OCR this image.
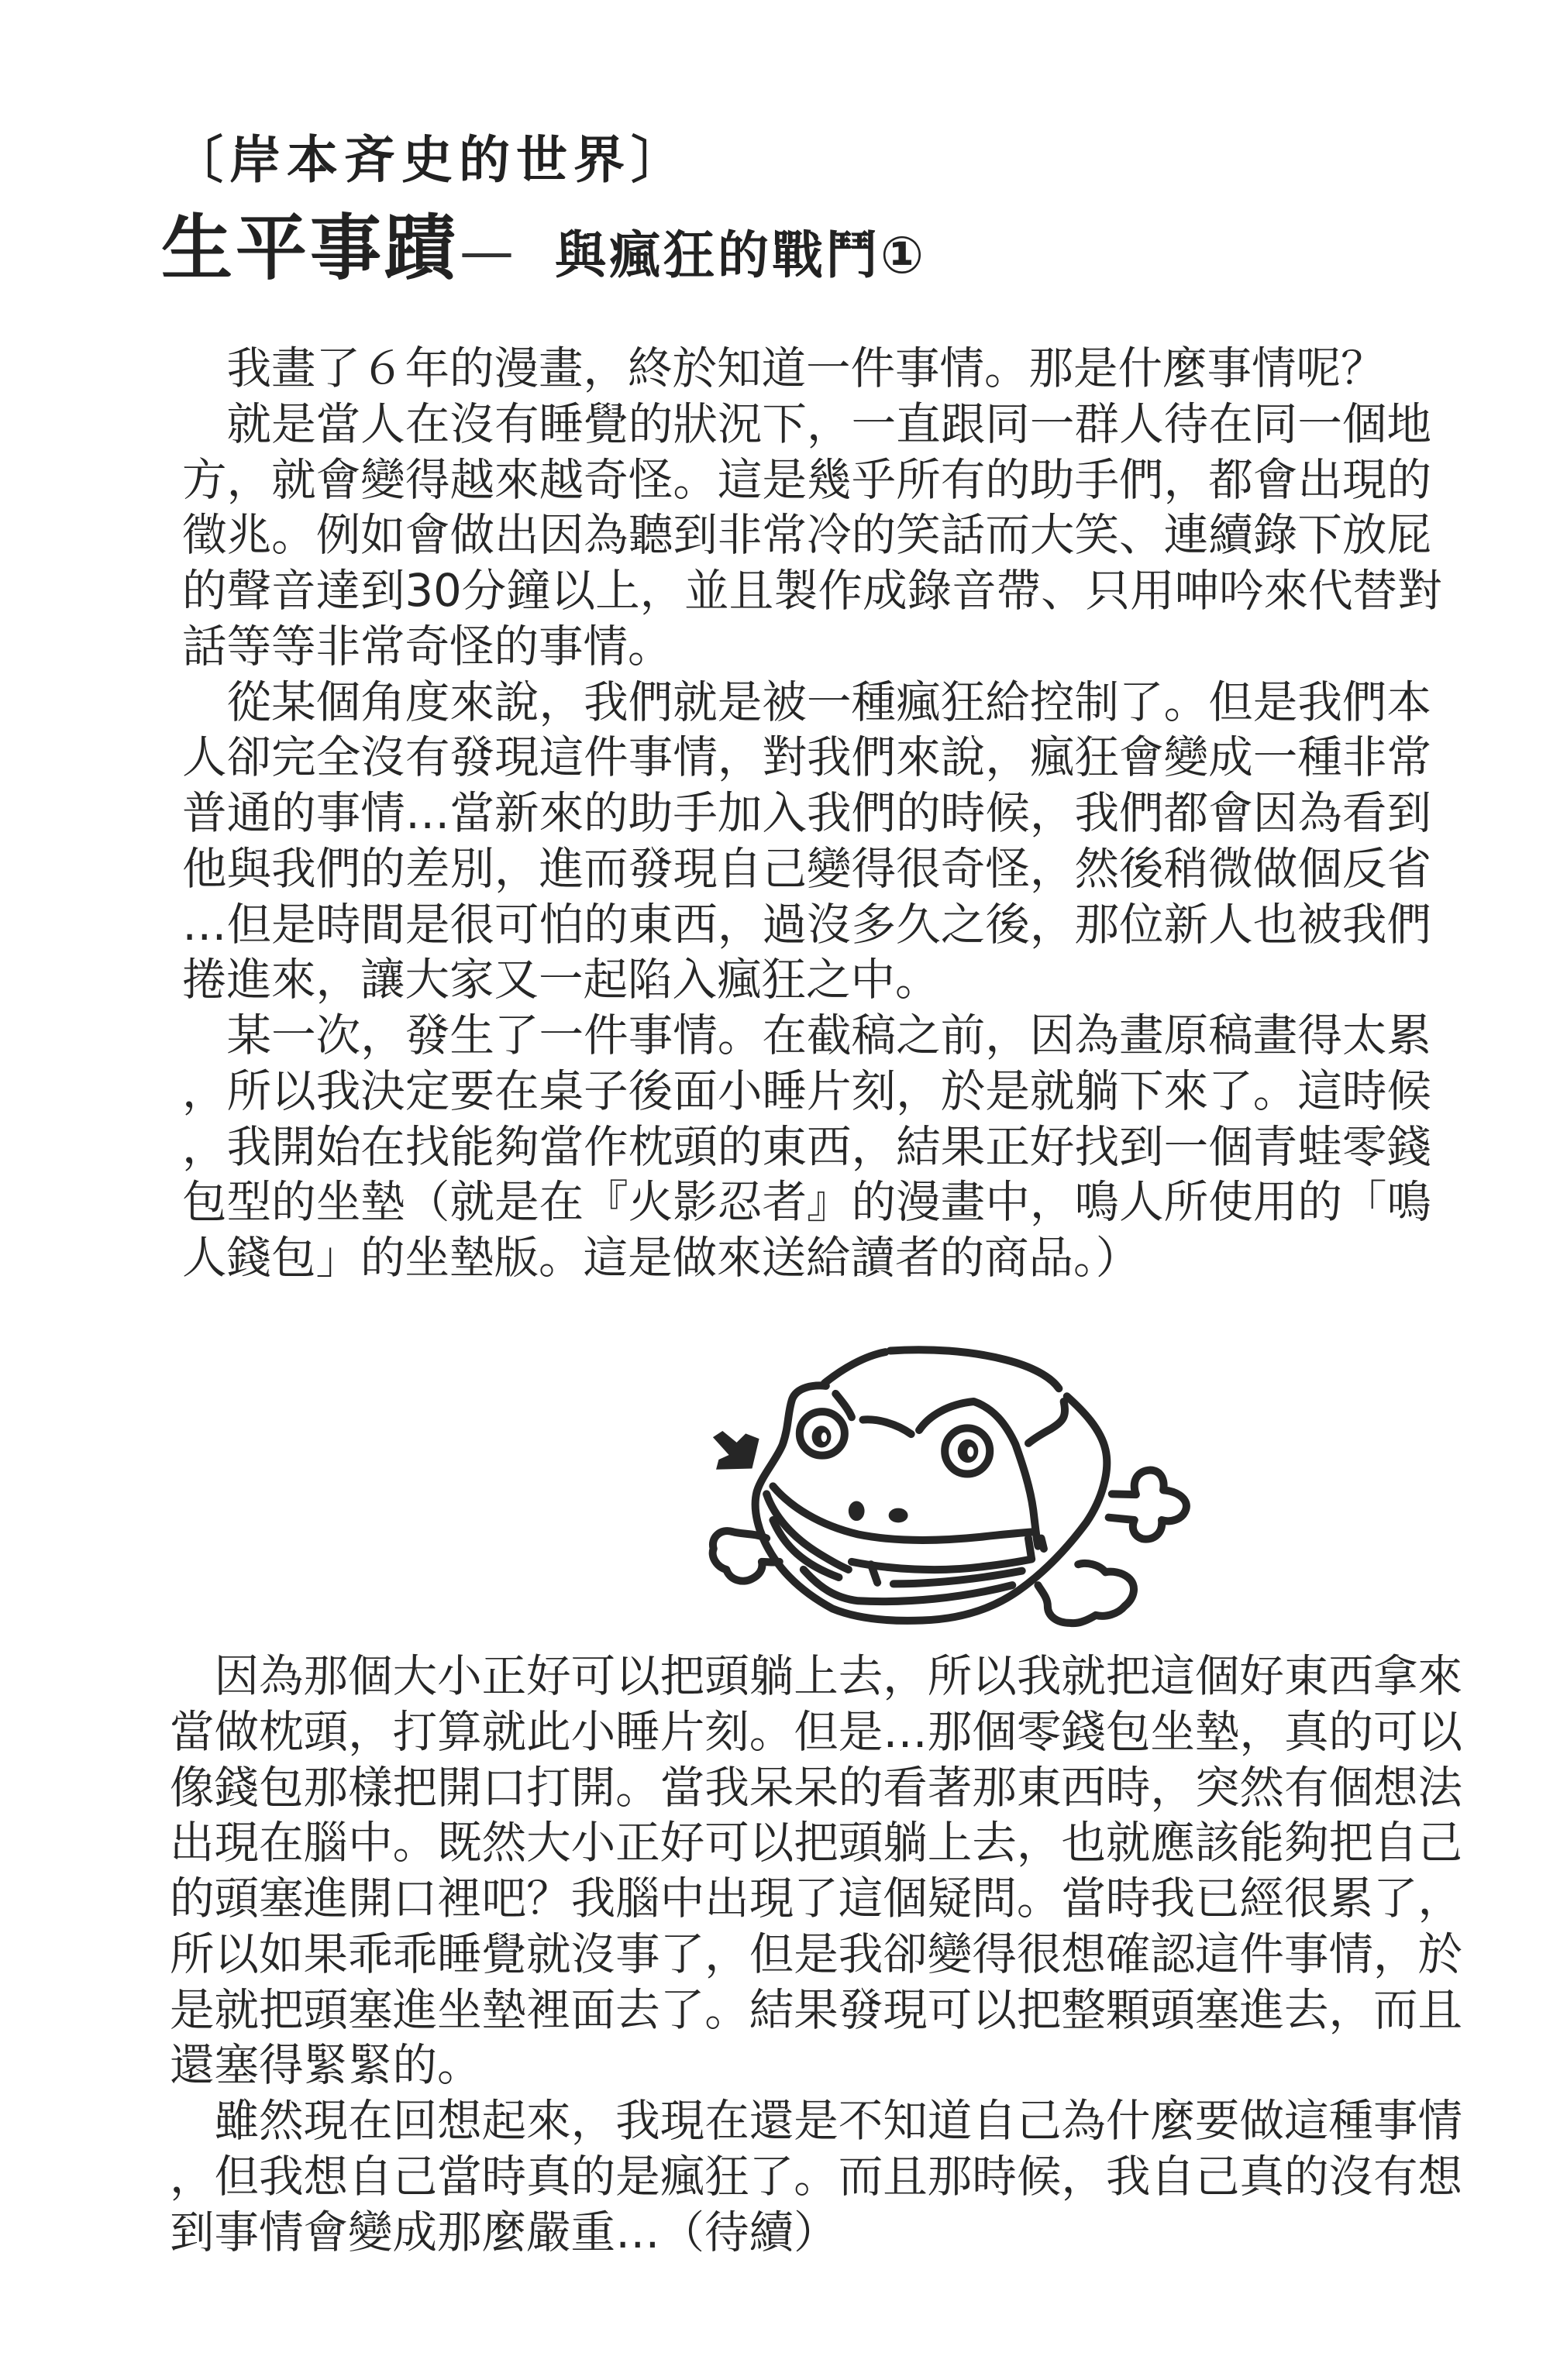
〔岸本斉史的世界〕
生平事蹟 — 與瘋狂的戰鬥①
我畫了６年的漫畫，終於知道一件事情。那是什麼事情呢？
就是當人在沒有睡覺的狀況下，一直跟同一群人待在同一個地
方，就會變得越來越奇怪。這是幾乎所有的助手們，都會出現的
徵兆。例如會做出因為聽到非常冷的笑話而大笑、連續錄下放屁
的聲音達到30分鐘以上，並且製作成錄音帶、只用呻吟來代替對
話等等非常奇怪的事情。
從某個角度來說，我們就是被一種瘋狂給控制了。但是我們本
人卻完全沒有發現這件事情，對我們來說，瘋狂會變成一種非常
普通的事情…當新來的助手加入我們的時候，我們都會因為看到
他與我們的差別，進而發現自己變得很奇怪，然後稍微做個反省
…但是時間是很可怕的東西，過沒多久之後，那位新人也被我們
捲進來，讓大家又一起陷入瘋狂之中。
某一次，發生了一件事情。在截稿之前，因為畫原稿畫得太累
，所以我決定要在桌子後面小睡片刻，於是就躺下來了。這時候
，我開始在找能夠當作枕頭的東西，結果正好找到一個青蛙零錢
包型的坐墊（就是在『火影忍者』的漫畫中，鳴人所使用的「鳴
人錢包」的坐墊版。這是做來送給讀者的商品。）
因為那個大小正好可以把頭躺上去，所以我就把這個好東西拿來
當做枕頭，打算就此小睡片刻。但是…那個零錢包坐墊，真的可以
像錢包那樣把開口打開。當我呆呆的看著那東西時，突然有個想法
出現在腦中。既然大小正好可以把頭躺上去，也就應該能夠把自己
的頭塞進開口裡吧？我腦中出現了這個疑問。當時我已經很累了，
所以如果乖乖睡覺就沒事了，但是我卻變得很想確認這件事情，於
是就把頭塞進坐墊裡面去了。結果發現可以把整顆頭塞進去，而且
還塞得緊緊的。
雖然現在回想起來，我現在還是不知道自己為什麼要做這種事情
，但我想自己當時真的是瘋狂了。而且那時候，我自己真的沒有想
到事情會變成那麼嚴重…（待續）
